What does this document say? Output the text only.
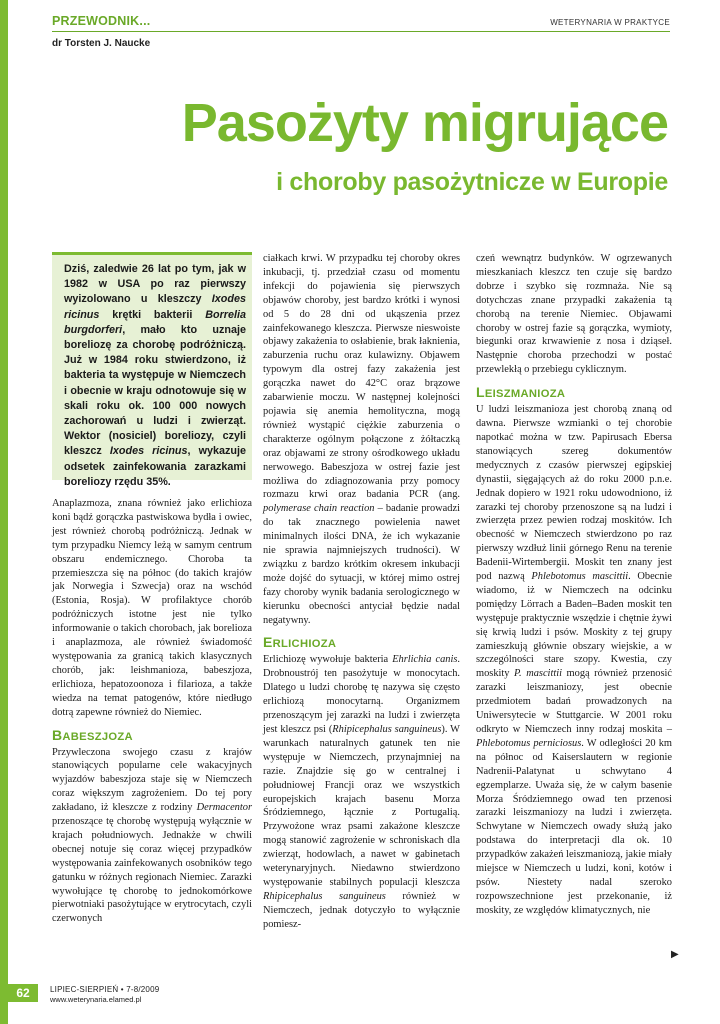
PRZEWODNIK...	WETERYNARIA W PRAKTYCE
dr Torsten J. Naucke
Pasożyty migrujące
i choroby pasożytnicze w Europie
Dziś, zaledwie 26 lat po tym, jak w 1982 w USA po raz pierwszy wyizolowano u kleszczy Ixodes ricinus krętki bakterii Borrelia burgdorferi, mało kto uznaje boreliozę za chorobę podróżniczą. Już w 1984 roku stwierdzono, iż bakteria ta występuje w Niemczech i obecnie w kraju odnotowuje się w skali roku ok. 100 000 nowych zachorowań u ludzi i zwierząt. Wektor (nosiciel) boreliozy, czyli kleszcz Ixodes ricinus, wykazuje odsetek zainfekowania zarazkami boreliozy rzędu 35%.

Anaplazmoza, znana również jako erlichioza koni bądź gorączka pastwiskowa bydła i owiec, jest również chorobą podróżniczą. Jednak w tym przypadku Niemcy leżą w samym centrum obszaru endemicznego. Choroba ta przemieszcza się na północ (do takich krajów jak Norwegia i Szwecja) oraz na wschód (Estonia, Rosja). W profilaktyce chorób podróżniczych istotne jest nie tylko informowanie o takich chorobach, jak borelioza i anaplazmoza, ale również świadomość występowania za granicą takich klasycznych chorób, jak: leishmanioza, babeszjoza, erlichioza, hepatozoonoza i filarioza, a także wiedza na temat patogenów, które niedługo dotrą zapewne również do Niemiec.

BABESZJOZA

Przywleczona swojego czasu z krajów stanowiących popularne cele wakacyjnych wyjazdów babeszjoza staje się w Niemczech coraz większym zagrożeniem. Do tej pory zakładano, iż kleszcze z rodziny Dermacentor przenoszące tę chorobę występują wyłącznie w krajach południowych. Jednakże w chwili obecnej notuje się coraz więcej przypadków występowania zainfekowanych osobników tego gatunku w różnych regionach Niemiec. Zarazki wywołujące tę chorobę to jednokomórkowe pierwotniaki pasożytujące w erytrocytach, czyli czerwonych

ciałkach krwi. W przypadku tej choroby okres inkubacji, tj. przedział czasu od momentu infekcji do pojawienia się pierwszych objawów choroby, jest bardzo krótki i wynosi od 5 do 28 dni od ukąszenia przez zainfekowanego kleszcza. Pierwsze nieswoiste objawy zakażenia to osłabienie, brak łaknienia, zaburzenia ruchu oraz kulawizny. Objawem typowym dla ostrej fazy zakażenia jest gorączka nawet do 42°C oraz brązowe zabarwienie moczu. W następnej kolejności pojawia się anemia hemolityczna, mogą również wystąpić ciężkie zaburzenia o charakterze ogólnym połączone z żółtaczką oraz objawami ze strony ośrodkowego układu nerwowego. Babeszjoza w ostrej fazie jest możliwa do zdiagnozowania przy pomocy rozmazu krwi oraz badania PCR (ang. polymerase chain reaction – badanie prowadzi do tak znacznego powielenia nawet minimalnych ilości DNA, że ich wykazanie nie sprawia najmniejszych trudności). W związku z bardzo krótkim okresem inkubacji może dojść do sytuacji, w której mimo ostrej fazy choroby wynik badania serologicznego w kierunku obecności antyciał będzie nadal negatywny.

ERLICHIOZA

Erlichiozę wywołuje bakteria Ehrlichia canis. Drobnoustrój ten pasożytuje w monocytach. Dlatego u ludzi chorobę tę nazywa się często erlichiozą monocytarną. Organizmem przenoszącym jej zarazki na ludzi i zwierzęta jest kleszcz psi (Rhipicephalus sanguineus). W warunkach naturalnych gatunek ten nie występuje w Niemczech, przynajmniej na razie. Znajdzie się go w centralnej i południowej Francji oraz we wszystkich europejskich krajach basenu Morza Śródziemnego, łącznie z Portugalią. Przywożone wraz psami zakażone kleszcze mogą stanowić zagrożenie w schroniskach dla zwierząt, hodowlach, a nawet w gabinetach weterynaryjnych. Niedawno stwierdzono występowanie stabilnych populacji kleszcza Rhipicephalus sanguineus również w Niemczech, jednak dotyczyło to wyłącznie pomiesz-

czeń wewnątrz budynków. W ogrzewanych mieszkaniach kleszcz ten czuje się bardzo dobrze i szybko się rozmnaża. Nie są dotychczas znane przypadki zakażenia tą chorobą na terenie Niemiec. Objawami choroby w ostrej fazie są gorączka, wymioty, biegunki oraz krwawienie z nosa i dziąseł. Następnie choroba przechodzi w postać przewlekłą o przebiegu cyklicznym.

LEISZMANIOZA

U ludzi leiszmanioza jest chorobą znaną od dawna. Pierwsze wzmianki o tej chorobie napotkać można w tzw. Papirusach Ebersa stanowiących szereg dokumentów medycznych z czasów pierwszej egipskiej dynastii, sięgających aż do roku 2000 p.n.e. Jednak dopiero w 1921 roku udowodniono, iż zarazki tej choroby przenoszone są na ludzi i zwierzęta przez pewien rodzaj moskitów. Ich obecność w Niemczech stwierdzono po raz pierwszy wzdłuż linii górnego Renu na terenie Badenii-Wirtembergii. Moskit ten znany jest pod nazwą Phlebotomus mascittii. Obecnie wiadomo, iż w Niemczech na odcinku pomiędzy Lörrach a Baden–Baden moskit ten występuje praktycznie wszędzie i chętnie żywi się krwią ludzi i psów. Moskity z tej grupy zamieszkują głównie obszary wiejskie, a w szczególności stare szopy. Kwestia, czy moskity P. mascittii mogą również przenosić zarazki leiszmaniozy, jest obecnie przedmiotem badań prowadzonych na Uniwersytecie w Stuttgarcie. W 2001 roku odkryto w Niemczech inny rodzaj moskita – Phlebotomus perniciosus. W odległości 20 km na północ od Kaiserslautern w regionie Nadrenii-Palatynat u schwytano 4 egzemplarze. Uważa się, że w całym basenie Morza Śródziemnego owad ten przenosi zarazki leiszmaniozy na ludzi i zwierzęta. Schwytane w Niemczech owady służą jako podstawa do interpretacji dla ok. 10 przypadków zakażeń leiszmaniozą, jakie miały miejsce w Niemczech u ludzi, koni, kotów i psów. Niestety nadal szeroko rozpowszechnione jest przekonanie, iż moskity, ze względów klimatycznych, nie

▶
62	LIPIEC-SIERPIEŃ • 7-8/2009
www.weterynaria.elamed.pl
